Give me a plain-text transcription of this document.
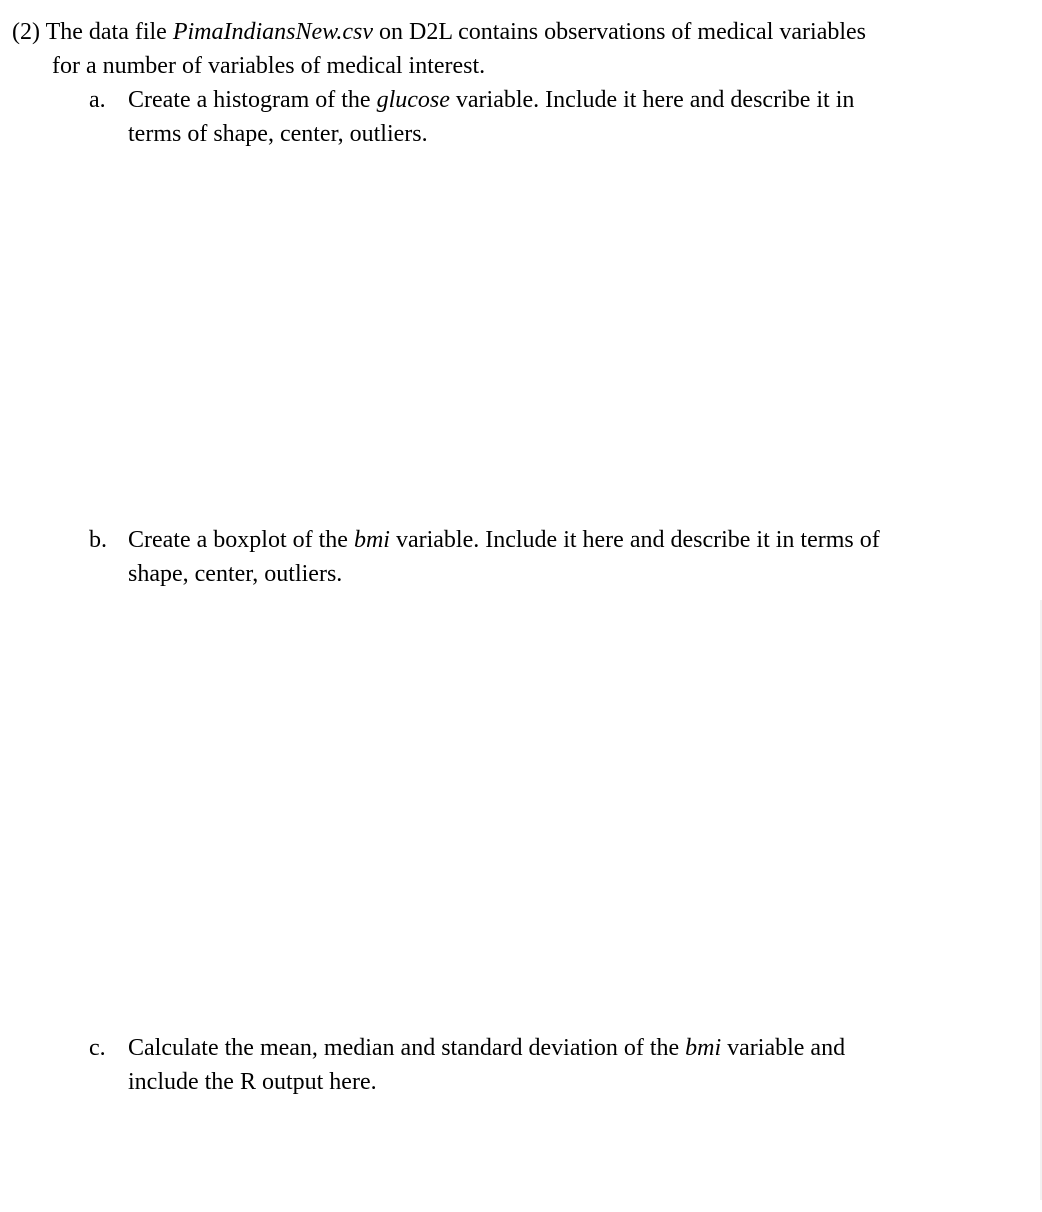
(2) The data file PimaIndiansNew.csv on D2L contains observations of medical variables
for a number of variables of medical interest.
a. Create a histogram of the glucose variable. Include it here and describe it in
terms of shape, center, outliers.
b. Create a boxplot of the bmi variable. Include it here and describe it in terms of
shape, center, outliers.
c. Calculate the mean, median and standard deviation of the bmi variable and
include the R output here.
